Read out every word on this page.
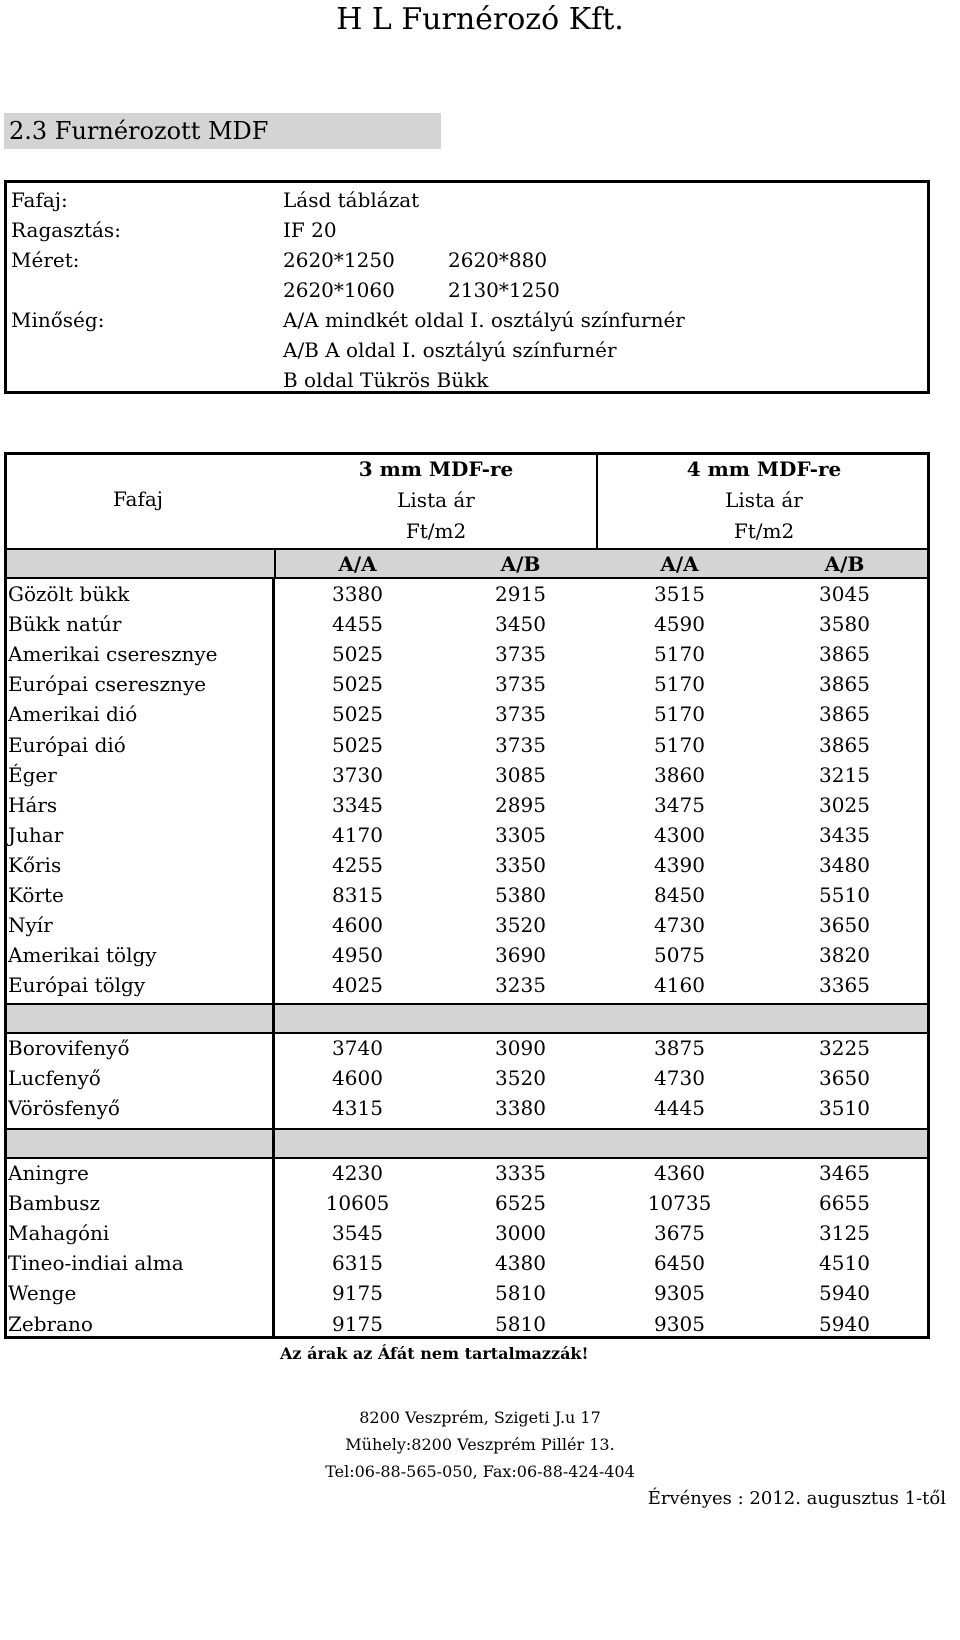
H L Furnérozó Kft.
2.3 Furnérozott MDF
Fafaj:	Lásd táblázat
Ragasztás:	IF 20
Méret:	2620*1250	2620*880
2620*1060	2130*1250
Minőség:	A/A mindkét oldal I. osztályú színfurnér
A/B A oldal I. osztályú színfurnér
B oldal Tükrös Bükk
Fafaj
3 mm MDF-re	4 mm MDF-re
Lista ár	Lista ár
Ft/m2	Ft/m2
A/A	A/B	A/A	A/B
Gözölt bükk	3380	2915	3515	3045
Bükk natúr	4455	3450	4590	3580
Amerikai cseresznye	5025	3735	5170	3865
Európai cseresznye	5025	3735	5170	3865
Amerikai dió	5025	3735	5170	3865
Európai dió	5025	3735	5170	3865
Éger	3730	3085	3860	3215
Hárs	3345	2895	3475	3025
Juhar	4170	3305	4300	3435
Kőris	4255	3350	4390	3480
Körte	8315	5380	8450	5510
Nyír	4600	3520	4730	3650
Amerikai tölgy	4950	3690	5075	3820
Európai tölgy	4025	3235	4160	3365
Borovifenyő	3740	3090	3875	3225
Lucfenyő	4600	3520	4730	3650
Vörösfenyő	4315	3380	4445	3510
Aningre	4230	3335	4360	3465
Bambusz	10605	6525	10735	6655
Mahagóni	3545	3000	3675	3125
Tineo-indiai alma	6315	4380	6450	4510
Wenge	9175	5810	9305	5940
Zebrano	9175	5810	9305	5940
Az árak az Áfát nem tartalmazzák!
8200 Veszprém, Szigeti J.u 17
Mühely:8200 Veszprém Pillér 13.
Tel:06-88-565-050, Fax:06-88-424-404
Érvényes : 2012. augusztus 1-től
